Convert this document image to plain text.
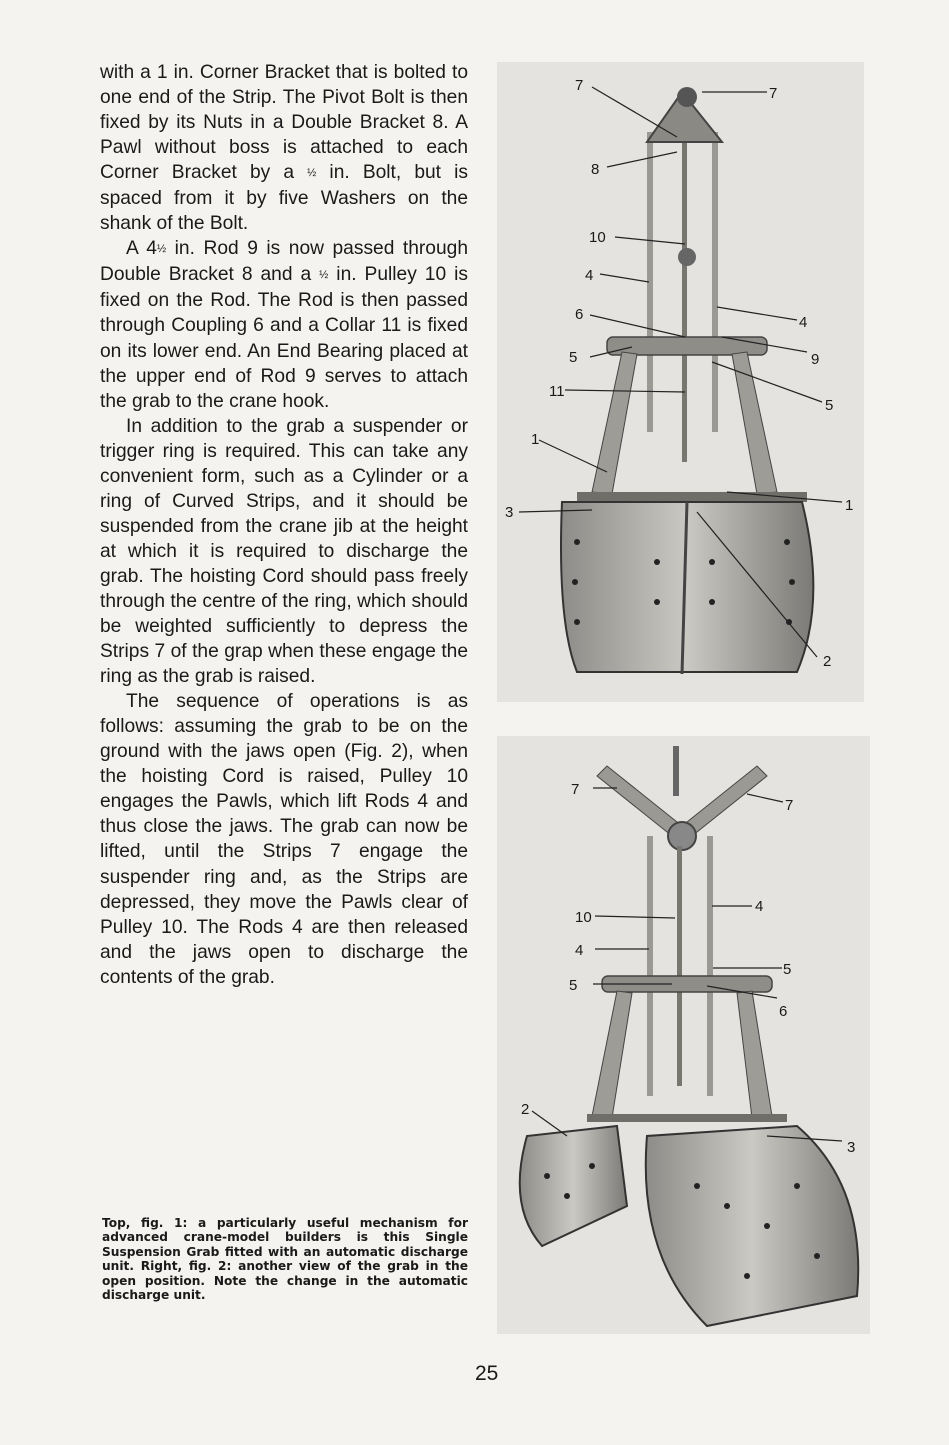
with a 1 in. Corner Bracket that is bolted to one end of the Strip. The Pivot Bolt is then fixed by its Nuts in a Double Bracket 8. A Pawl without boss is attached to each Corner Bracket by a ½ in. Bolt, but is spaced from it by five Washers on the shank of the Bolt.

A 4½ in. Rod 9 is now passed through Double Bracket 8 and a ½ in. Pulley 10 is fixed on the Rod. The Rod is then passed through Coupling 6 and a Collar 11 is fixed on its lower end. An End Bearing placed at the upper end of Rod 9 serves to attach the grab to the crane hook.

In addition to the grab a suspender or trigger ring is required. This can take any convenient form, such as a Cylinder or a ring of Curved Strips, and it should be suspended from the crane jib at the height at which it is required to discharge the grab. The hoisting Cord should pass freely through the centre of the ring, which should be weighted sufficiently to depress the Strips 7 of the grap when these engage the ring as the grab is raised.

The sequence of operations is as follows: assuming the grab to be on the ground with the jaws open (Fig. 2), when the hoisting Cord is raised, Pulley 10 engages the Pawls, which lift Rods 4 and thus close the jaws. The grab can now be lifted, until the Strips 7 engage the suspender ring and, as the Strips are depressed, they move the Pawls clear of Pulley 10. The Rods 4 are then released and the jaws open to discharge the contents of the grab.

7	7
8
10
4
6	4
5	9
11
5
1
1
3
2
7
7
10
4
4
5
5
6
2
3
Top, fig. 1: a particularly useful mechanism for advanced crane-model builders is this Single Suspension Grab fitted with an automatic discharge unit. Right, fig. 2: another view of the grab in the open position. Note the change in the automatic discharge unit.
25
